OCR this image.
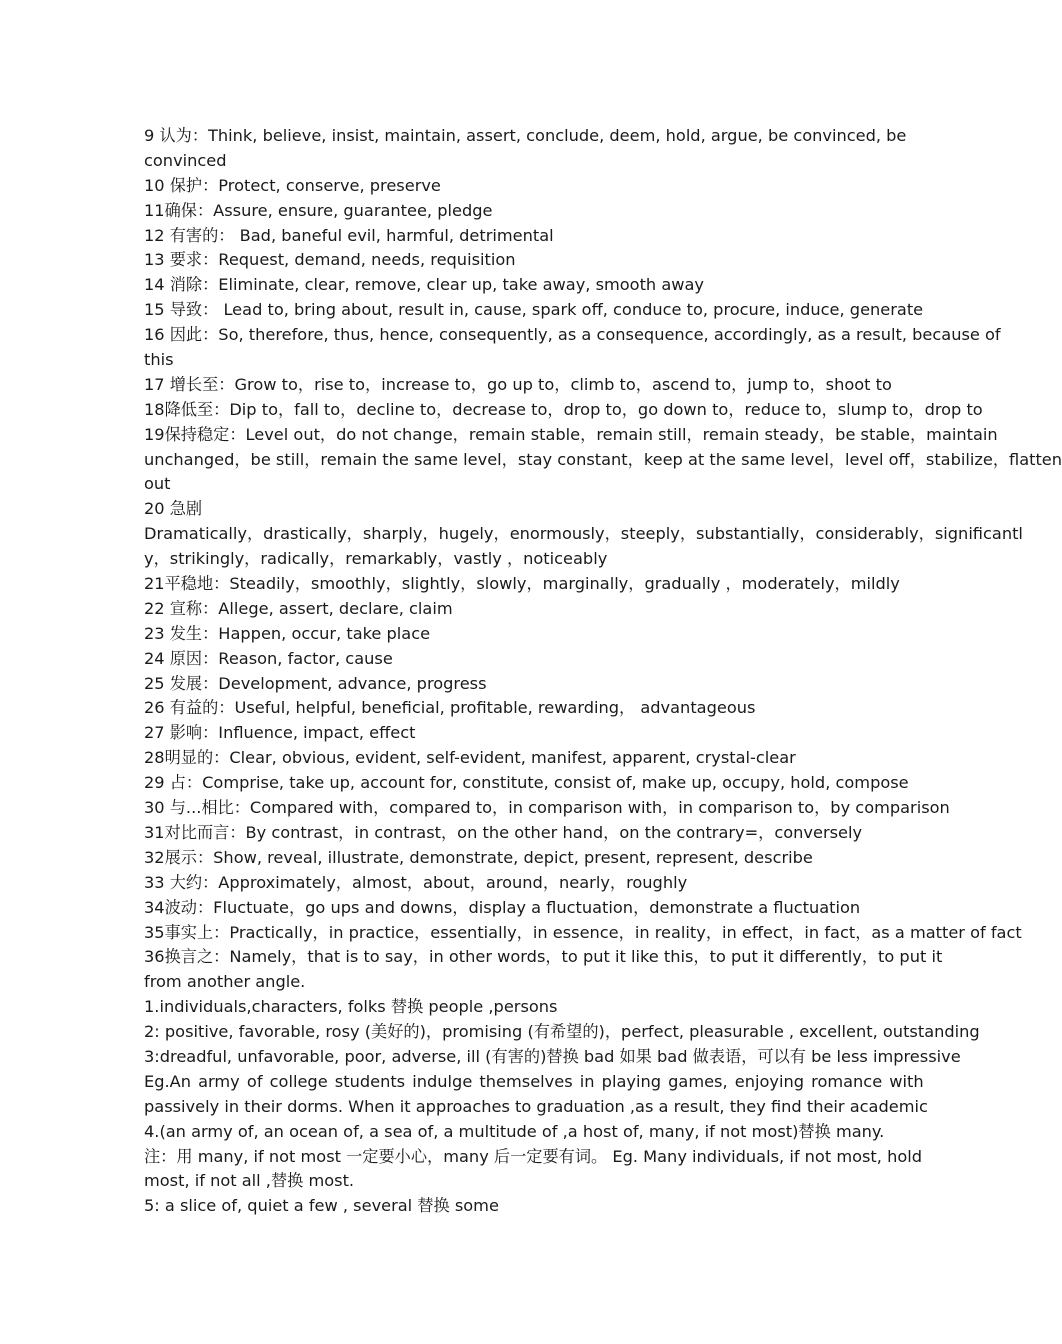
9 认为：Think, believe, insist, maintain, assert, conclude, deem, hold, argue, be convinced, be
convinced
10 保护：Protect, conserve, preserve
11确保：Assure, ensure, guarantee, pledge
12 有害的： Bad, baneful evil, harmful, detrimental
13 要求：Request, demand, needs, requisition
14 消除：Eliminate, clear, remove, clear up, take away, smooth away
15 导致： Lead to, bring about, result in, cause, spark off, conduce to, procure, induce, generate
16 因此：So, therefore, thus, hence, consequently, as a consequence, accordingly, as a result, because of
this
17 增长至：Grow to，rise to，increase to，go up to，climb to，ascend to，jump to，shoot to
18降低至：Dip to，fall to，decline to，decrease to，drop to，go down to，reduce to，slump to，drop to
19保持稳定：Level out，do not change，remain stable，remain still，remain steady，be stable，maintain
unchanged，be still，remain the same level，stay constant，keep at the same level，level off，stabilize，flatten
out
20 急剧
Dramatically，drastically，sharply，hugely，enormously，steeply，substantially，considerably，significantl
y，strikingly，radically，remarkably，vastly ，noticeably
21平稳地：Steadily，smoothly，slightly，slowly，marginally，gradually ，moderately，mildly
22 宣称：Allege, assert, declare, claim
23 发生：Happen, occur, take place
24 原因：Reason, factor, cause
25 发展：Development, advance, progress
26 有益的：Useful, helpful, beneficial, profitable, rewarding， advantageous
27 影响：Influence, impact, effect
28明显的：Clear, obvious, evident, self-evident, manifest, apparent, crystal-clear
29 占：Comprise, take up, account for, constitute, consist of, make up, occupy, hold, compose
30 与...相比：Compared with，compared to，in comparison with，in comparison to，by comparison
31对比而言：By contrast，in contrast，on the other hand，on the contrary=，conversely
32展示：Show, reveal, illustrate, demonstrate, depict, present, represent, describe
33 大约：Approximately，almost，about，around，nearly，roughly
34波动：Fluctuate，go ups and downs，display a fluctuation，demonstrate a fluctuation
35事实上：Practically，in practice，essentially，in essence，in reality，in effect，in fact，as a matter of fact
36换言之：Namely，that is to say，in other words，to put it like this，to put it differently，to put it
from another angle.
1.individuals,characters, folks 替换 people ,persons
2: positive, favorable, rosy (美好的)，promising (有希望的)，perfect, pleasurable , excellent, outstanding
3:dreadful, unfavorable, poor, adverse, ill (有害的)替换 bad 如果 bad 做表语，可以有 be less impressive
Eg.An army of college students indulge themselves in playing games, enjoying romance with
passively in their dorms. When it approaches to graduation ,as a result, they find their academic
4.(an army of, an ocean of, a sea of, a multitude of ,a host of, many, if not most)替换 many.
注：用 many, if not most 一定要小心，many 后一定要有词。 Eg. Many individuals, if not most, hold
most, if not all ,替换 most.
5: a slice of, quiet a few , several 替换 some
